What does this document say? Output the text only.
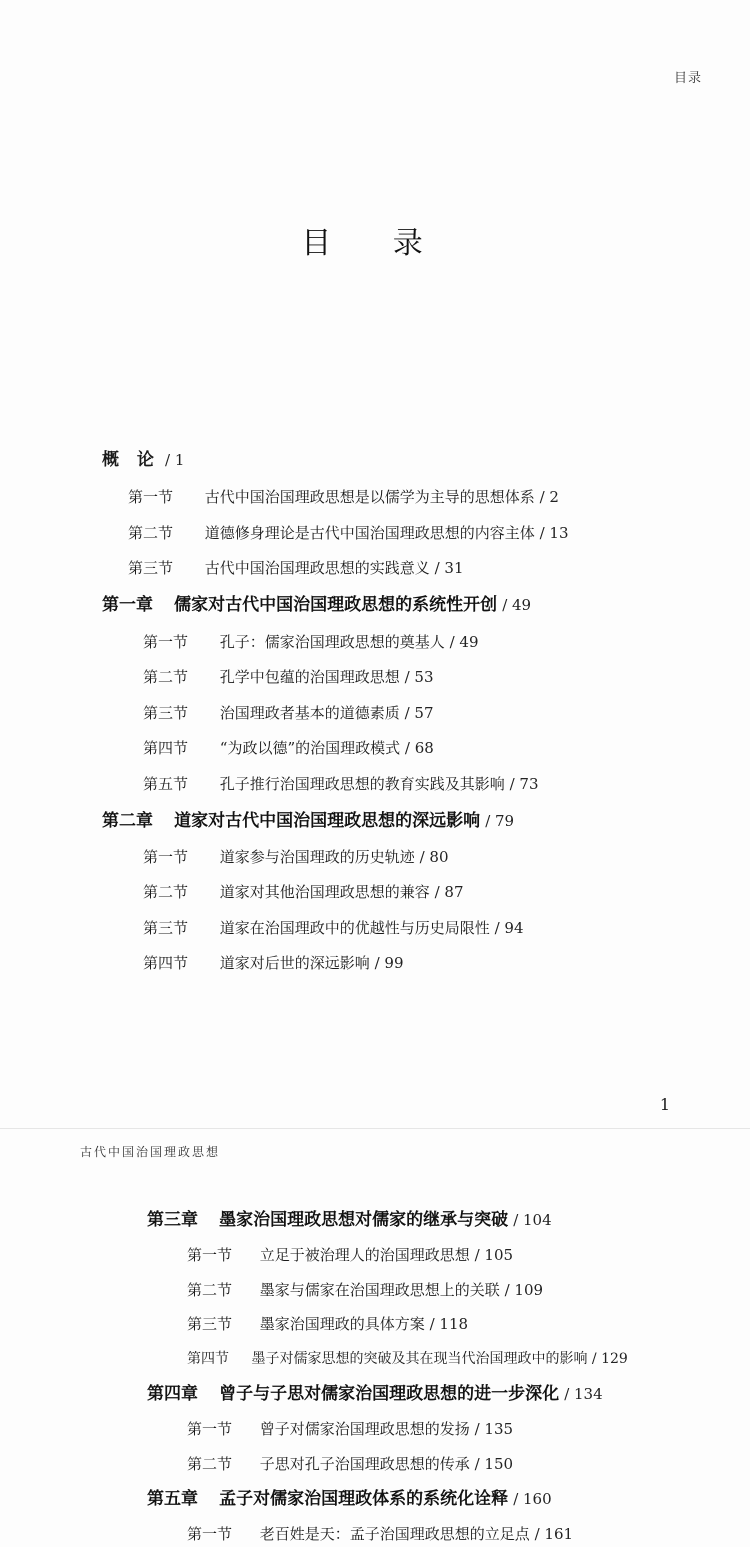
目录
目 录
概 论 / 1
第一节 古代中国治国理政思想是以儒学为主导的思想体系 / 2
第二节 道德修身理论是古代中国治国理政思想的内容主体 / 13
第三节 古代中国治国理政思想的实践意义 / 31
第一章 儒家对古代中国治国理政思想的系统性开创 / 49
第一节 孔子：儒家治国理政思想的奠基人 / 49
第二节 孔学中包蕴的治国理政思想 / 53
第三节 治国理政者基本的道德素质 / 57
第四节 “为政以德”的治国理政模式 / 68
第五节 孔子推行治国理政思想的教育实践及其影响 / 73
第二章 道家对古代中国治国理政思想的深远影响 / 79
第一节 道家参与治国理政的历史轨迹 / 80
第二节 道家对其他治国理政思想的兼容 / 87
第三节 道家在治国理政中的优越性与历史局限性 / 94
第四节 道家对后世的深远影响 / 99
1
古代中国治国理政思想
第三章 墨家治国理政思想对儒家的继承与突破 / 104
第一节 立足于被治理人的治国理政思想 / 105
第二节 墨家与儒家在治国理政思想上的关联 / 109
第三节 墨家治国理政的具体方案 / 118
第四节 墨子对儒家思想的突破及其在现当代治国理政中的影响 / 129
第四章 曾子与子思对儒家治国理政思想的进一步深化 / 134
第一节 曾子对儒家治国理政思想的发扬 / 135
第二节 子思对孔子治国理政思想的传承 / 150
第五章 孟子对儒家治国理政体系的系统化诠释 / 160
第一节 老百姓是天：孟子治国理政思想的立足点 / 161
